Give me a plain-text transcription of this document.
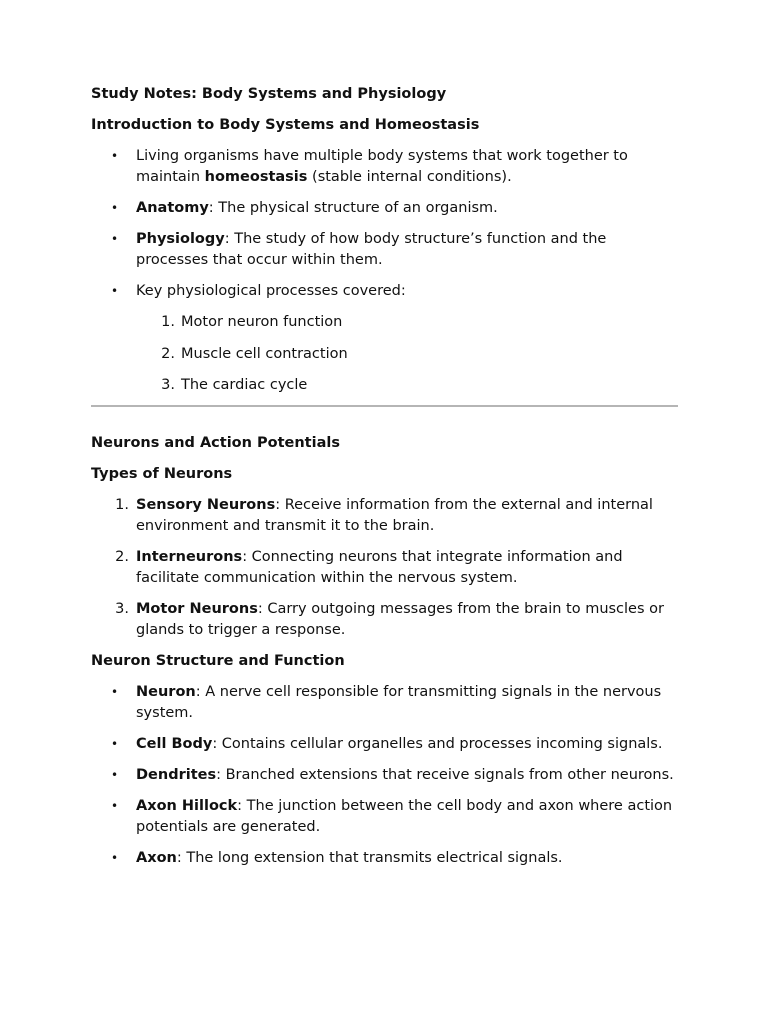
Study Notes: Body Systems and Physiology

Introduction to Body Systems and Homeostasis

• Living organisms have multiple body systems that work together to maintain homeostasis (stable internal conditions).
• Anatomy: The physical structure of an organism.
• Physiology: The study of how body structure’s function and the processes that occur within them.
• Key physiological processes covered:
1. Motor neuron function
2. Muscle cell contraction
3. The cardiac cycle

Neurons and Action Potentials

Types of Neurons

1. Sensory Neurons: Receive information from the external and internal environment and transmit it to the brain.
2. Interneurons: Connecting neurons that integrate information and facilitate communication within the nervous system.
3. Motor Neurons: Carry outgoing messages from the brain to muscles or glands to trigger a response.

Neuron Structure and Function

• Neuron: A nerve cell responsible for transmitting signals in the nervous system.
• Cell Body: Contains cellular organelles and processes incoming signals.
• Dendrites: Branched extensions that receive signals from other neurons.
• Axon Hillock: The junction between the cell body and axon where action potentials are generated.
• Axon: The long extension that transmits electrical signals.
